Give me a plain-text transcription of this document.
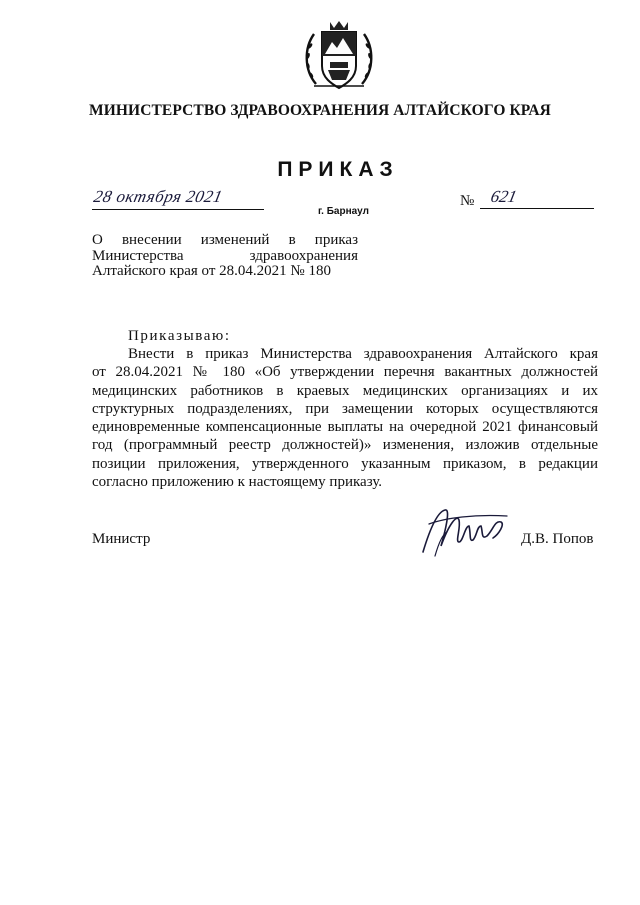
МИНИСТЕРСТВО ЗДРАВООХРАНЕНИЯ АЛТАЙСКОГО КРАЯ
ПРИКАЗ
28 октября 2021
г. Барнаул
№ 621
О внесении изменений в приказ
Министерства здравоохранения
Алтайского края от 28.04.2021 № 180
Приказываю:

Внести в приказ Министерства здравоохранения Алтайского края

от 28.04.2021 № 180 «Об утверждении перечня вакантных должностей

медицинских работников в краевых медицинских организациях и их

структурных подразделениях, при замещении которых осуществляются

единовременные компенсационные выплаты на очередной 2021 финансовый

год (программный реестр должностей)» изменения, изложив отдельные

позиции приложения, утвержденного указанным приказом, в редакции

согласно приложению к настоящему приказу.

Министр	Д.В. Попов
